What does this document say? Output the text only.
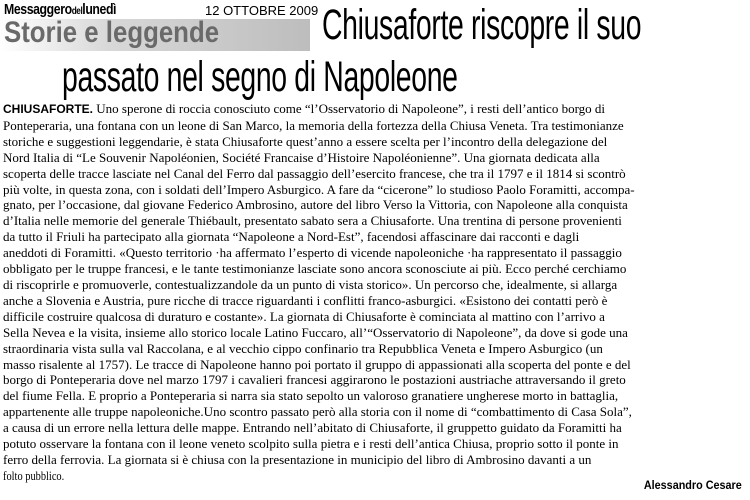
Messaggerodellunedì	12 OTTOBRE 2009
Storie e leggende Chiusaforte riscopre il suo
passato nel segno di Napoleone
CHIUSAFORTE. Uno sperone di roccia conosciuto come “l’Osservatorio di Napoleone”, i resti dell’antico borgo di
Ponteperaria, una fontana con un leone di San Marco, la memoria della fortezza della Chiusa Veneta. Tra testimonianze
storiche e suggestioni leggendarie, è stata Chiusaforte quest’anno a essere scelta per l’incontro della delegazione del
Nord Italia di “Le Souvenir Napoléonien, Société Francaise d’Histoire Napoléonienne”. Una giornata dedicata alla
scoperta delle tracce lasciate nel Canal del Ferro dal passaggio dell’esercito francese, che tra il 1797 e il 1814 si scontrò
più volte, in questa zona, con i soldati dell’Impero Asburgico. A fare da “cicerone” lo studioso Paolo Foramitti, accompa-
gnato, per l’occasione, dal giovane Federico Ambrosino, autore del libro Verso la Vittoria, con Napoleone alla conquista
d’Italia nelle memorie del generale Thiébault, presentato sabato sera a Chiusaforte. Una trentina di persone provenienti
da tutto il Friuli ha partecipato alla giornata “Napoleone a Nord-Est”, facendosi affascinare dai racconti e dagli
aneddoti di Foramitti. «Questo territorio ·ha affermato l’esperto di vicende napoleoniche ·ha rappresentato il passaggio
obbligato per le truppe francesi, e le tante testimonianze lasciate sono ancora sconosciute ai più. Ecco perché cerchiamo
di riscoprirle e promuoverle, contestualizzandole da un punto di vista storico». Un percorso che, idealmente, si allarga
anche a Slovenia e Austria, pure ricche di tracce riguardanti i conflitti franco-asburgici. «Esistono dei contatti però è
difficile costruire qualcosa di duraturo e costante». La giornata di Chiusaforte è cominciata al mattino con l’arrivo a
Sella Nevea e la visita, insieme allo storico locale Latino Fuccaro, all’“Osservatorio di Napoleone”, da dove si gode una
straordinaria vista sulla val Raccolana, e al vecchio cippo confinario tra Repubblica Veneta e Impero Asburgico (un
masso risalente al 1757). Le tracce di Napoleone hanno poi portato il gruppo di appassionati alla scoperta del ponte e del
borgo di Ponteperaria dove nel marzo 1797 i cavalieri francesi aggirarono le postazioni austriache attraversando il greto
del fiume Fella. E proprio a Ponteperaria si narra sia stato sepolto un valoroso granatiere ungherese morto in battaglia,
appartenente alle truppe napoleoniche.Uno scontro passato però alla storia con il nome di “combattimento di Casa Sola”,
a causa di un errore nella lettura delle mappe. Entrando nell’abitato di Chiusaforte, il gruppetto guidato da Foramitti ha
potuto osservare la fontana con il leone veneto scolpito sulla pietra e i resti dell’antica Chiusa, proprio sotto il ponte in
ferro della ferrovia. La giornata si è chiusa con la presentazione in municipio del libro di Ambrosino davanti a un
folto pubblico.
Alessandro Cesare
